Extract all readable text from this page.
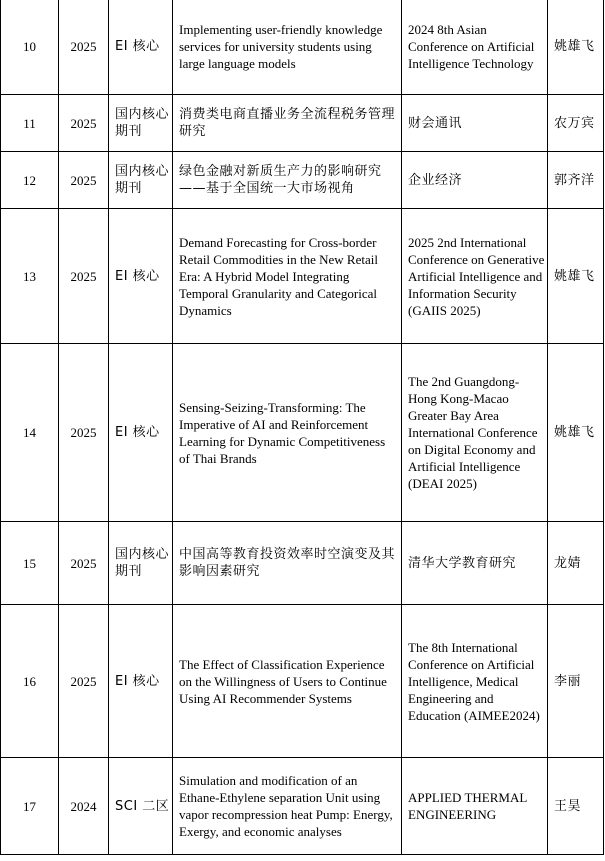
10	2025	EI 核心	Implementing user-friendly knowledge services for university students using large language models	2024 8th Asian Conference on Artificial Intelligence Technology	姚雄飞
11	2025	国内核心期刊	消费类电商直播业务全流程税务管理研究	财会通讯	农万宾
12	2025	国内核心期刊	绿色金融对新质生产力的影响研究——基于全国统一大市场视角	企业经济	郭齐洋
13	2025	EI 核心	Demand Forecasting for Cross-border Retail Commodities in the New Retail Era: A Hybrid Model Integrating Temporal Granularity and Categorical Dynamics	2025 2nd International Conference on Generative Artificial Intelligence and Information Security (GAIIS 2025)	姚雄飞
14	2025	EI 核心	Sensing-Seizing-Transforming: The Imperative of AI and Reinforcement Learning for Dynamic Competitiveness of Thai Brands	The 2nd Guangdong-Hong Kong-Macao Greater Bay Area International Conference on Digital Economy and Artificial Intelligence (DEAI 2025)	姚雄飞
15	2025	国内核心期刊	中国高等教育投资效率时空演变及其影响因素研究	清华大学教育研究	龙婧
16	2025	EI 核心	The Effect of Classification Experience on the Willingness of Users to Continue Using AI Recommender Systems	The 8th International Conference on Artificial Intelligence, Medical Engineering and Education (AIMEE2024)	李丽
17	2024	SCI 二区	Simulation and modification of an Ethane-Ethylene separation Unit using vapor recompression heat Pump: Energy, Exergy, and economic analyses	APPLIED THERMAL ENGINEERING	王昊
